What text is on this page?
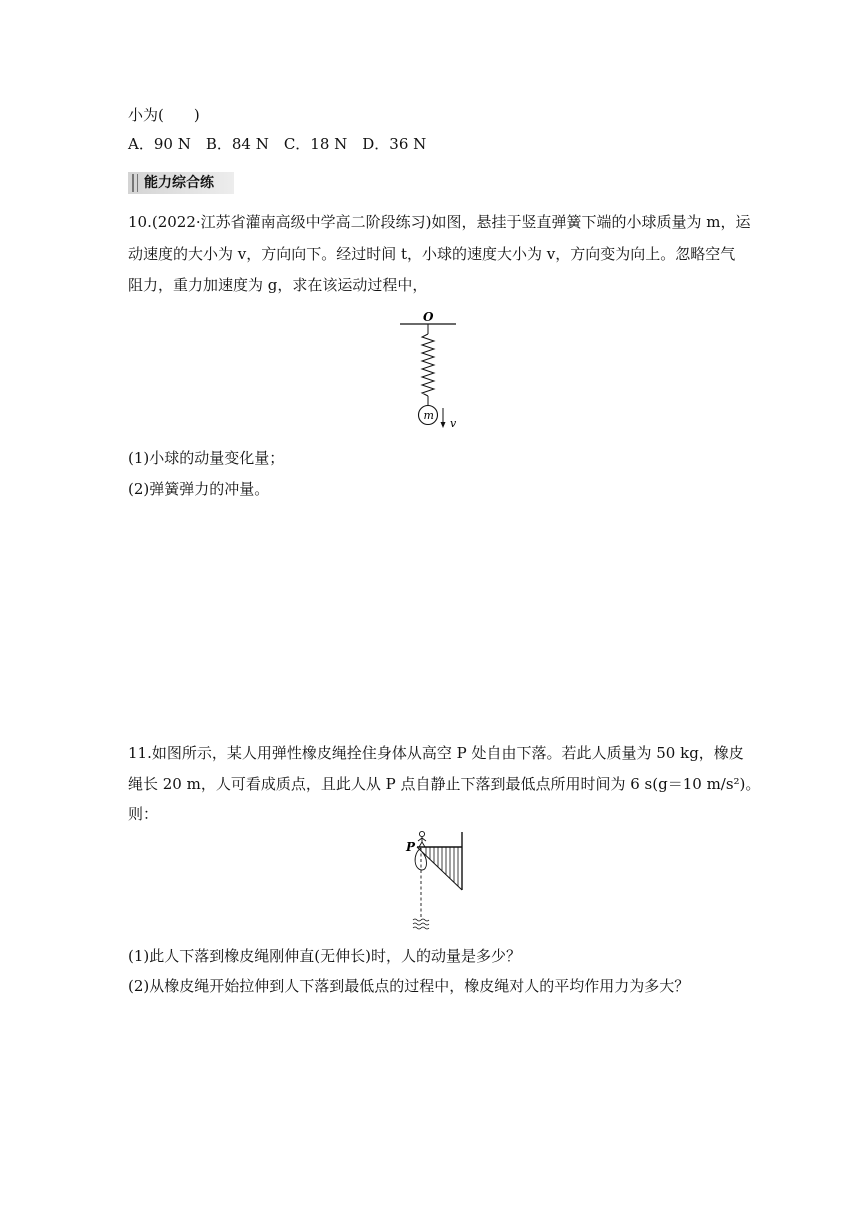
小为(　　)
A．90 N　B．84 N　C．18 N　D．36 N
能力综合练
10.(2022·江苏省灌南高级中学高二阶段练习)如图，悬挂于竖直弹簧下端的小球质量为 m，运
动速度的大小为 v，方向向下。经过时间 t，小球的速度大小为 v，方向变为向上。忽略空气
阻力，重力加速度为 g，求在该运动过程中，
O
m
v
(1)小球的动量变化量；
(2)弹簧弹力的冲量。
11.如图所示，某人用弹性橡皮绳拴住身体从高空 P 处自由下落。若此人质量为 50 kg，橡皮
绳长 20 m，人可看成质点，且此人从 P 点自静止下落到最低点所用时间为 6 s(g＝10 m/s²)。
则：
P
(1)此人下落到橡皮绳刚伸直(无伸长)时，人的动量是多少？
(2)从橡皮绳开始拉伸到人下落到最低点的过程中，橡皮绳对人的平均作用力为多大？
